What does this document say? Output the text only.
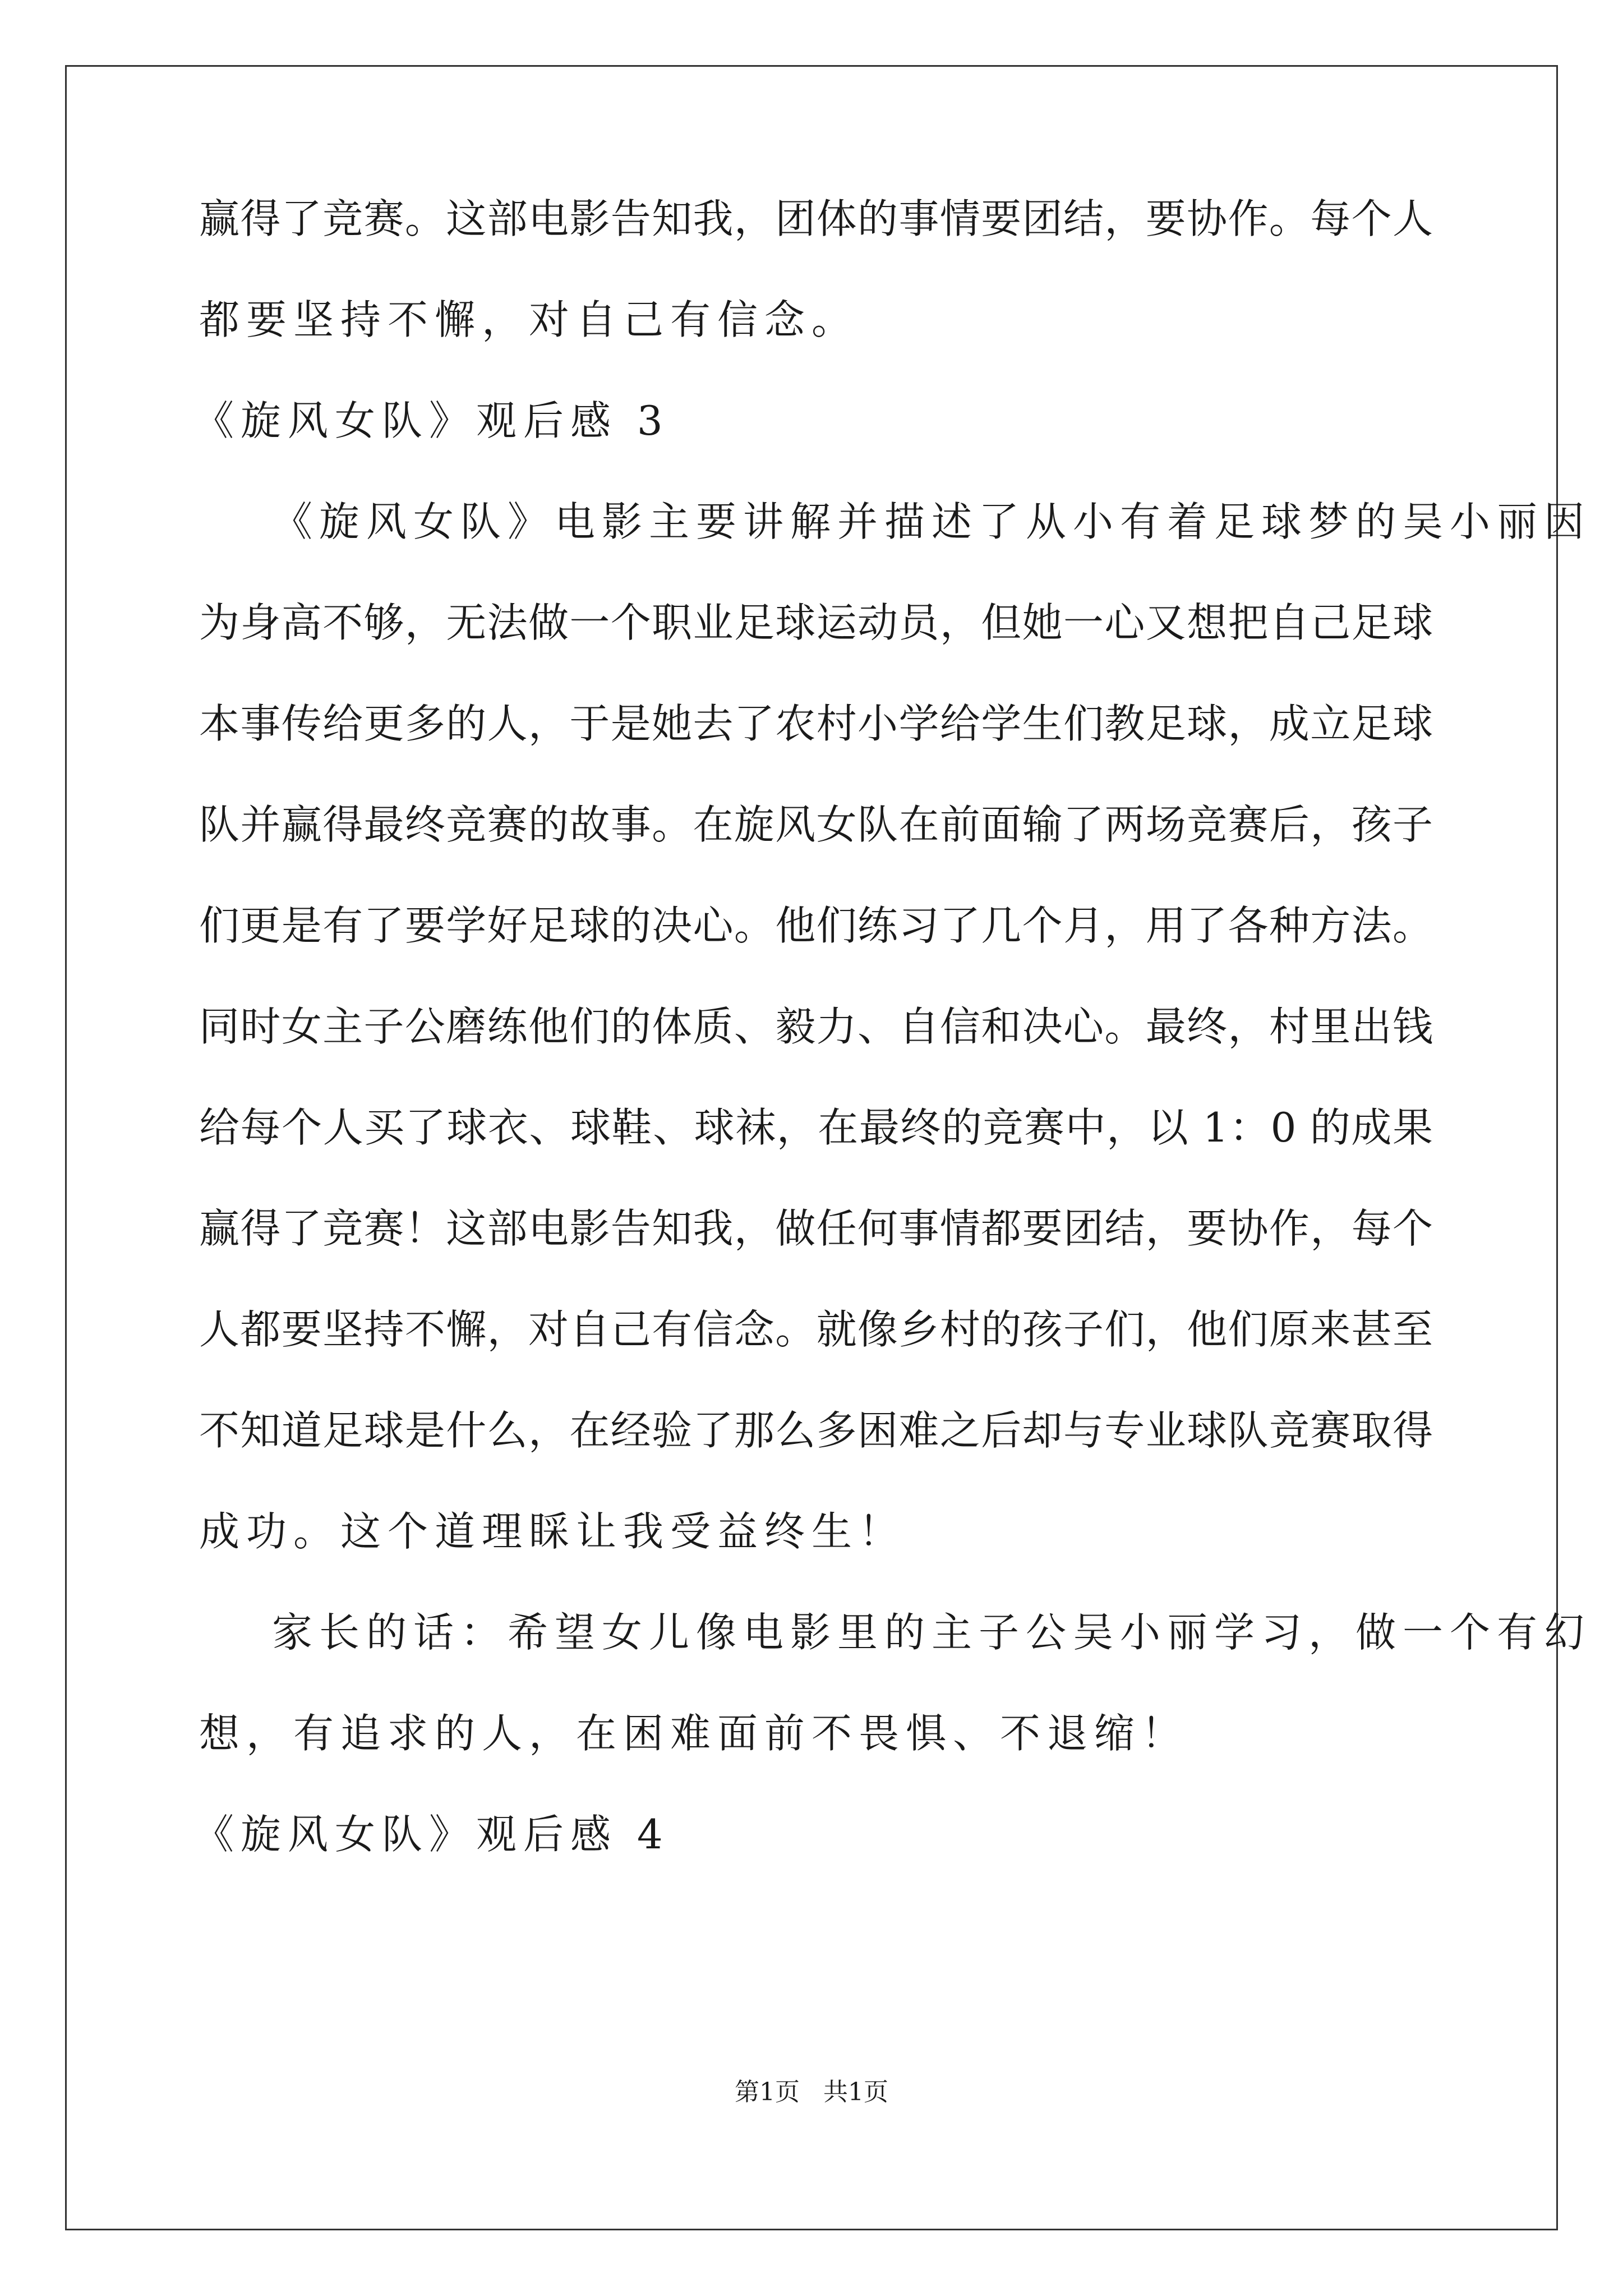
赢得了竞赛。这部电影告知我，团体的事情要团结，要协作。每个人
都要坚持不懈，对自己有信念。
《旋风女队》观后感 3
《旋风女队》电影主要讲解并描述了从小有着足球梦的吴小丽因
为身高不够，无法做一个职业足球运动员，但她一心又想把自己足球
本事传给更多的人，于是她去了农村小学给学生们教足球，成立足球
队并赢得最终竞赛的故事。在旋风女队在前面输了两场竞赛后，孩子
们更是有了要学好足球的决心。他们练习了几个月，用了各种方法。
同时女主子公磨练他们的体质、毅力、自信和决心。最终，村里出钱
给每个人买了球衣、球鞋、球袜，在最终的竞赛中，以 1：0 的成果
赢得了竞赛！这部电影告知我，做任何事情都要团结，要协作，每个
人都要坚持不懈，对自己有信念。就像乡村的孩子们，他们原来甚至
不知道足球是什么，在经验了那么多困难之后却与专业球队竞赛取得
成功。这个道理睬让我受益终生！
家长的话：希望女儿像电影里的主子公吴小丽学习，做一个有幻
想，有追求的人，在困难面前不畏惧、不退缩！
《旋风女队》观后感 4
第1页   共1页
